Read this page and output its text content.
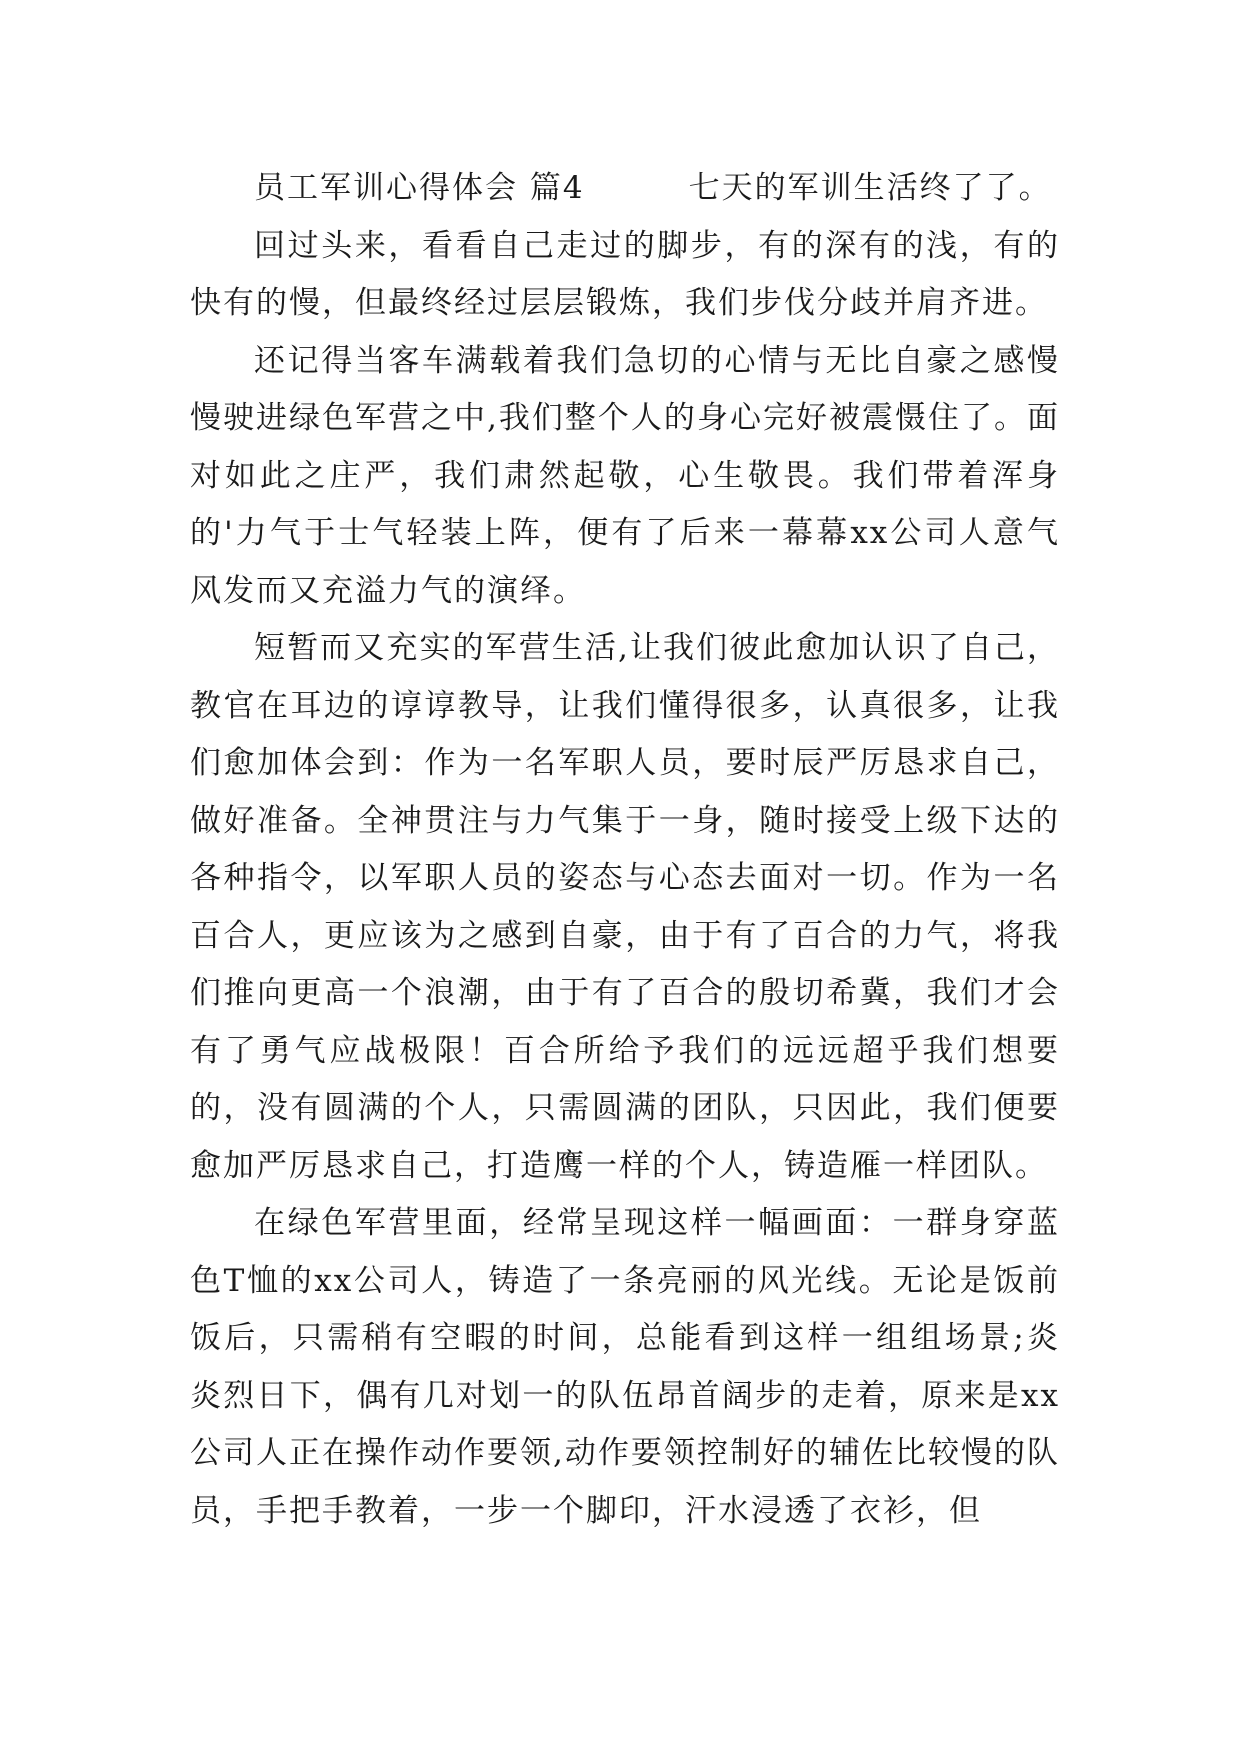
员工军训心得体会 篇4	七天的军训生活终了了。

回过头来，看看自己走过的脚步，有的深有的浅，有的快有的慢，但最终经过层层锻炼，我们步伐分歧并肩齐进。

还记得当客车满载着我们急切的心情与无比自豪之感慢慢驶进绿色军营之中,我们整个人的身心完好被震慑住了。面对如此之庄严，我们肃然起敬，心生敬畏。我们带着浑身的'力气于士气轻装上阵，便有了后来一幕幕xx公司人意气风发而又充溢力气的演绎。

短暂而又充实的军营生活,让我们彼此愈加认识了自己，教官在耳边的谆谆教导，让我们懂得很多，认真很多，让我们愈加体会到：作为一名军职人员，要时辰严厉恳求自己，做好准备。全神贯注与力气集于一身，随时接受上级下达的各种指令，以军职人员的姿态与心态去面对一切。作为一名百合人，更应该为之感到自豪，由于有了百合的力气，将我们推向更高一个浪潮，由于有了百合的殷切希冀，我们才会有了勇气应战极限！百合所给予我们的远远超乎我们想要的，没有圆满的个人，只需圆满的团队，只因此，我们便要愈加严厉恳求自己，打造鹰一样的个人，铸造雁一样团队。

在绿色军营里面，经常呈现这样一幅画面：一群身穿蓝色T恤的xx公司人，铸造了一条亮丽的风光线。无论是饭前饭后，只需稍有空暇的时间，总能看到这样一组组场景;炎炎烈日下，偶有几对划一的队伍昂首阔步的走着，原来是xx公司人正在操作动作要领,动作要领控制好的辅佐比较慢的队员，手把手教着，一步一个脚印，汗水浸透了衣衫，但
